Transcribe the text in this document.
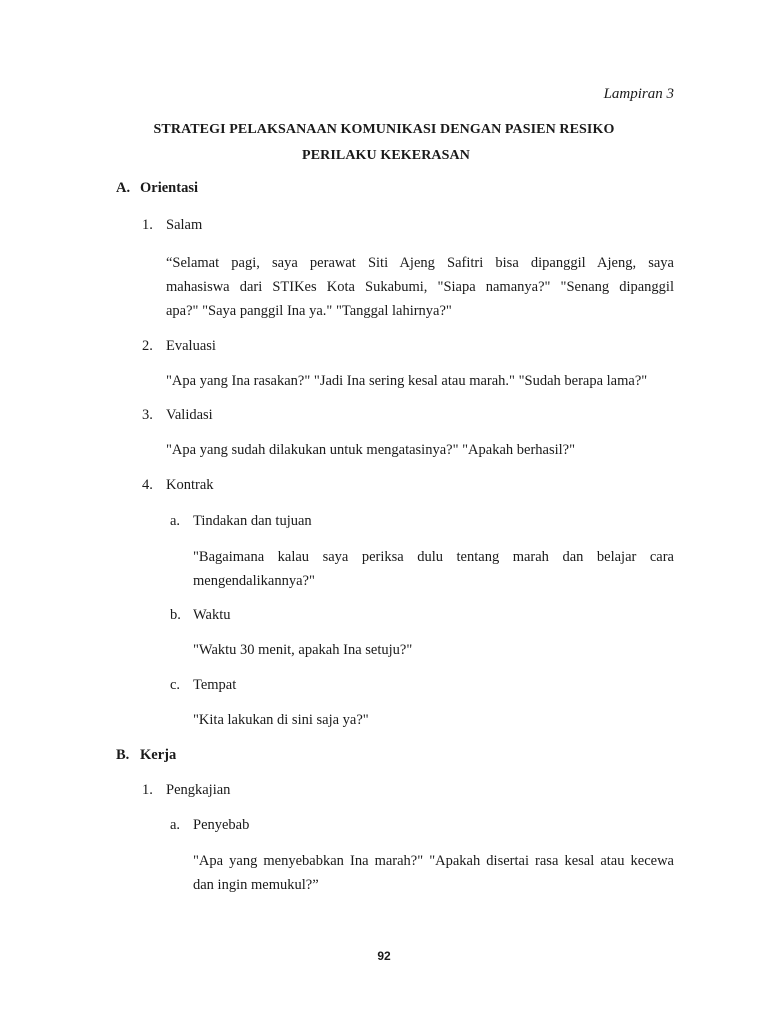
Lampiran 3
STRATEGI PELAKSANAAN KOMUNIKASI DENGAN PASIEN RESIKO
PERILAKU KEKERASAN
A. Orientasi
1. Salam
“Selamat pagi, saya perawat Siti Ajeng Safitri bisa dipanggil Ajeng, saya
mahasiswa dari STIKes Kota Sukabumi, "Siapa namanya?" "Senang dipanggil
apa?" "Saya panggil Ina ya." "Tanggal lahirnya?"
2. Evaluasi
"Apa yang Ina rasakan?" "Jadi Ina sering kesal atau marah." "Sudah berapa lama?"
3. Validasi
"Apa yang sudah dilakukan untuk mengatasinya?" "Apakah berhasil?"
4. Kontrak
a. Tindakan dan tujuan
"Bagaimana kalau saya periksa dulu tentang marah dan belajar cara
mengendalikannya?"
b. Waktu
"Waktu 30 menit, apakah Ina setuju?"
c. Tempat
"Kita lakukan di sini saja ya?"
B. Kerja
1. Pengkajian
a. Penyebab
"Apa yang menyebabkan Ina marah?" "Apakah disertai rasa kesal atau kecewa
dan ingin memukul?”
92
